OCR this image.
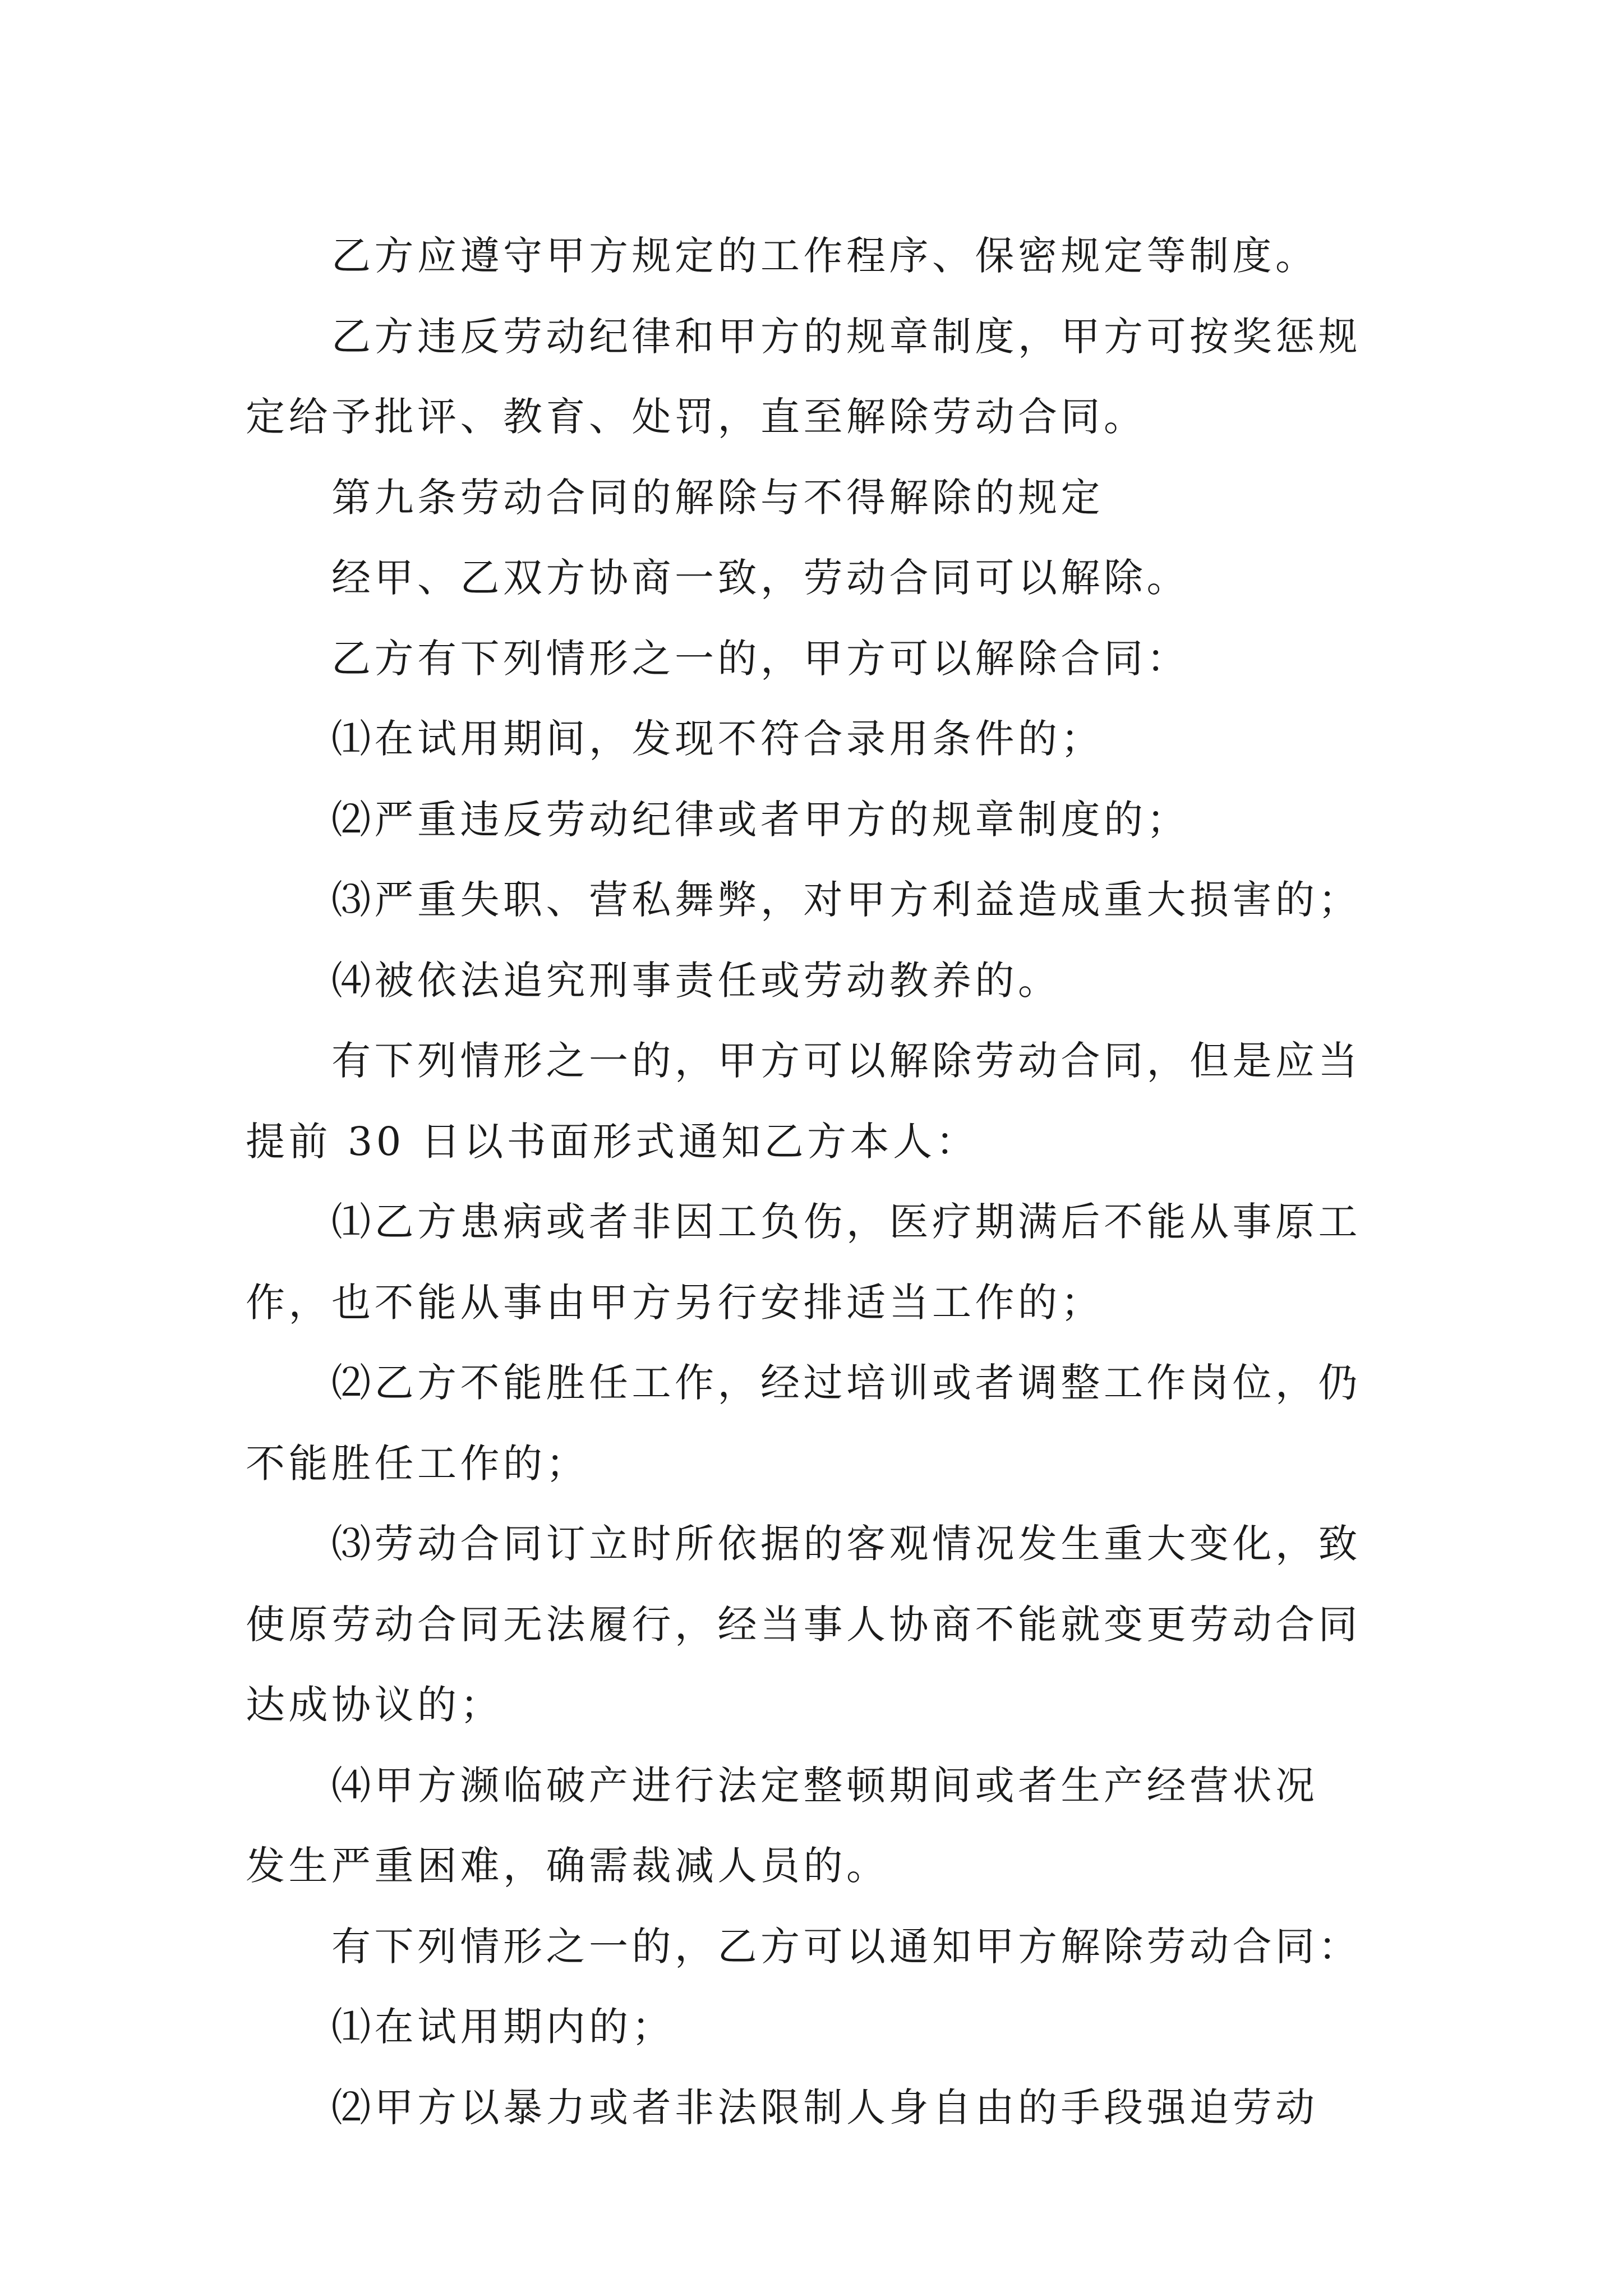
乙方应遵守甲方规定的工作程序、保密规定等制度。

乙方违反劳动纪律和甲方的规章制度，甲方可按奖惩规
定给予批评、教育、处罚，直至解除劳动合同。

第九条劳动合同的解除与不得解除的规定

经甲、乙双方协商一致，劳动合同可以解除。

乙方有下列情形之一的，甲方可以解除合同：

⑴在试用期间，发现不符合录用条件的；

⑵严重违反劳动纪律或者甲方的规章制度的；

⑶严重失职、营私舞弊，对甲方利益造成重大损害的；

⑷被依法追究刑事责任或劳动教养的。

有下列情形之一的，甲方可以解除劳动合同，但是应当
提前 30 日以书面形式通知乙方本人：

⑴乙方患病或者非因工负伤，医疗期满后不能从事原工
作，也不能从事由甲方另行安排适当工作的；

⑵乙方不能胜任工作，经过培训或者调整工作岗位，仍
不能胜任工作的；

⑶劳动合同订立时所依据的客观情况发生重大变化，致
使原劳动合同无法履行，经当事人协商不能就变更劳动合同
达成协议的；

⑷甲方濒临破产进行法定整顿期间或者生产经营状况
发生严重困难，确需裁减人员的。

有下列情形之一的，乙方可以通知甲方解除劳动合同：

⑴在试用期内的；

⑵甲方以暴力或者非法限制人身自由的手段强迫劳动
